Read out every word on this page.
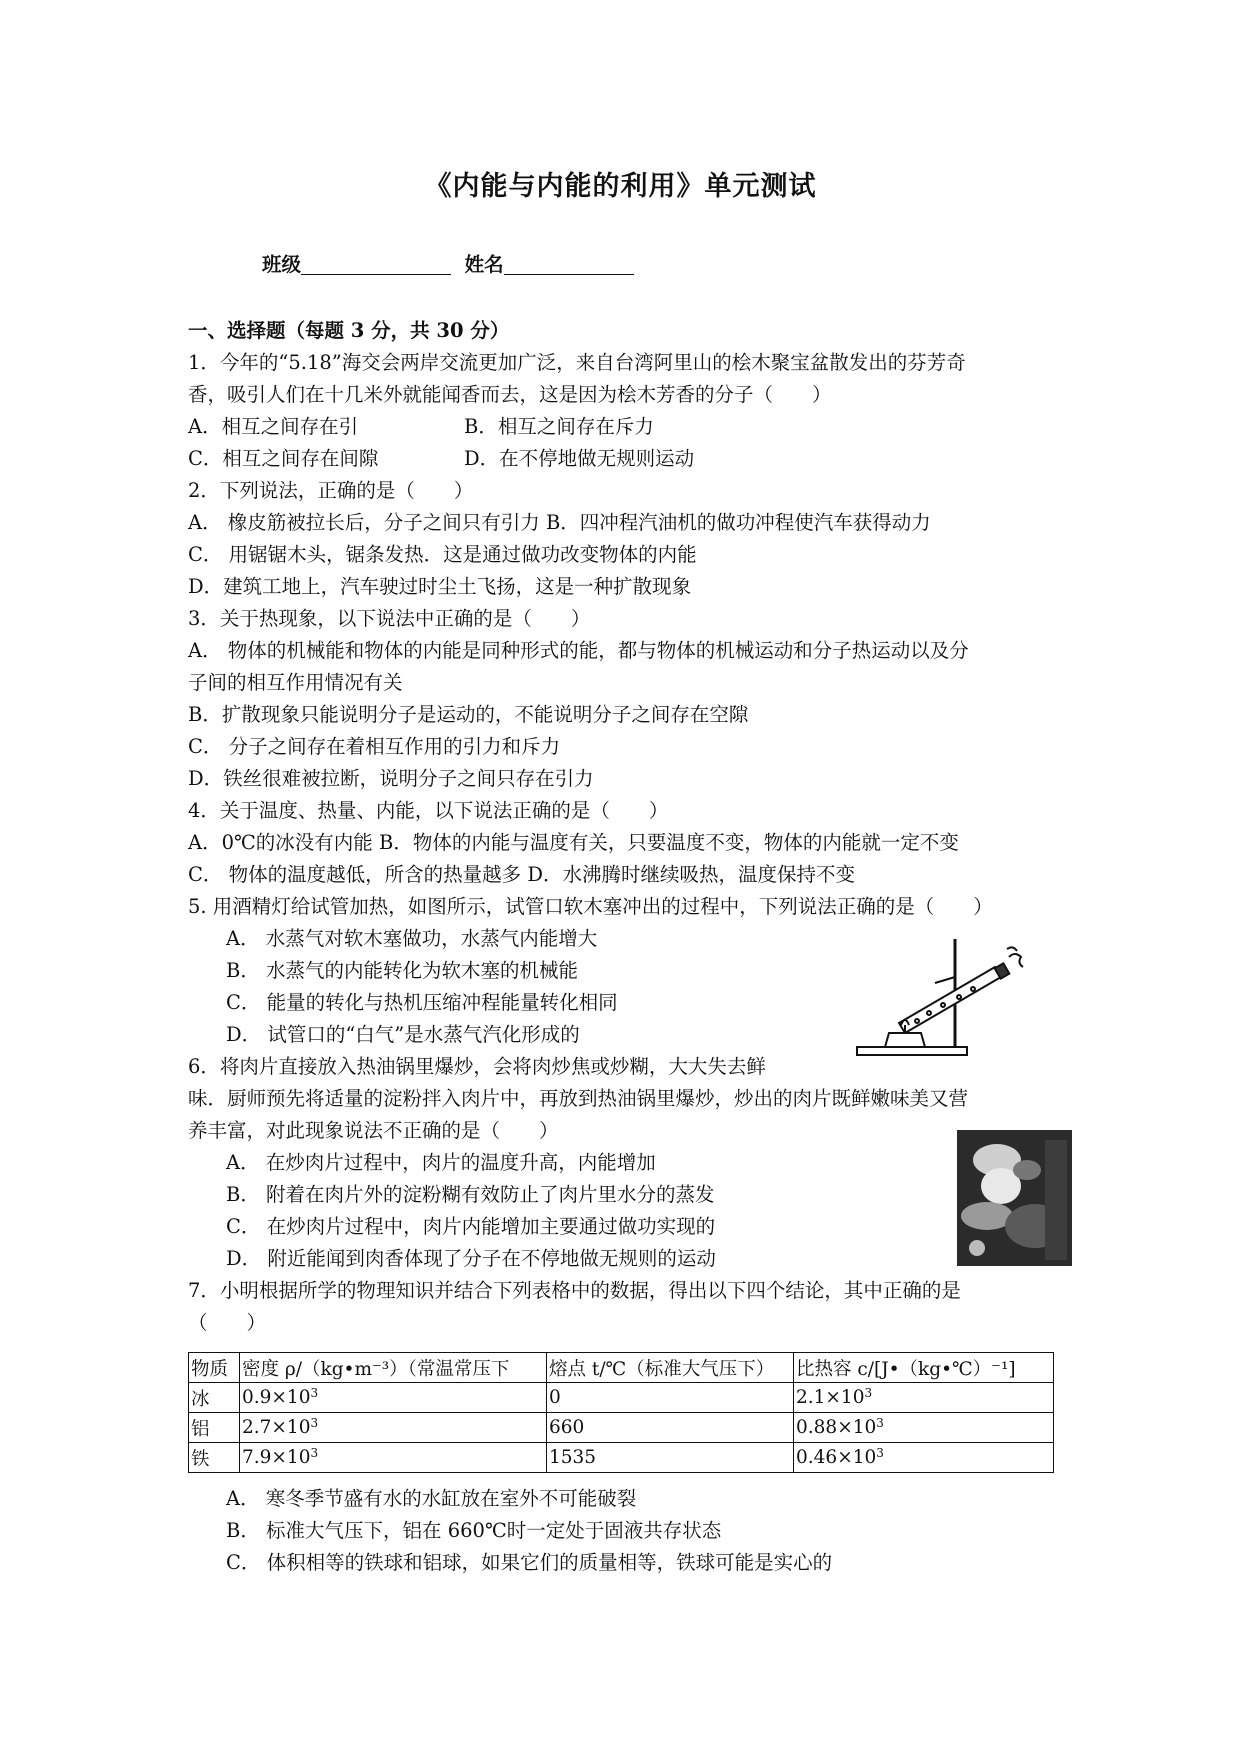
《内能与内能的利用》单元测试
班级	姓名
一、选择题（每题 3 分，共 30 分）
1．今年的“5.18”海交会两岸交流更加广泛，来自台湾阿里山的桧木聚宝盆散发出的芬芳奇
香，吸引人们在十几米外就能闻香而去，这是因为桧木芳香的分子（　　）
A．相互之间存在引	B．相互之间存在斥力
C．相互之间存在间隙	D．在不停地做无规则运动
2．下列说法，正确的是（　　）
A． 橡皮筋被拉长后，分子之间只有引力 B．四冲程汽油机的做功冲程使汽车获得动力
C． 用锯锯木头，锯条发热．这是通过做功改变物体的内能
D．建筑工地上，汽车驶过时尘土飞扬，这是一种扩散现象
3．关于热现象，以下说法中正确的是（　　）
A． 物体的机械能和物体的内能是同种形式的能，都与物体的机械运动和分子热运动以及分
子间的相互作用情况有关
B．扩散现象只能说明分子是运动的，不能说明分子之间存在空隙
C． 分子之间存在着相互作用的引力和斥力
D．铁丝很难被拉断，说明分子之间只存在引力
4．关于温度、热量、内能，以下说法正确的是（　　）
A．0℃的冰没有内能 B．物体的内能与温度有关，只要温度不变，物体的内能就一定不变
C． 物体的温度越低，所含的热量越多 D．水沸腾时继续吸热，温度保持不变
5. 用酒精灯给试管加热，如图所示，试管口软木塞冲出的过程中，下列说法正确的是（　　）
A． 水蒸气对软木塞做功，水蒸气内能增大
B． 水蒸气的内能转化为软木塞的机械能
C． 能量的转化与热机压缩冲程能量转化相同
D． 试管口的“白气”是水蒸气汽化形成的
6．将肉片直接放入热油锅里爆炒，会将肉炒焦或炒糊，大大失去鲜
味．厨师预先将适量的淀粉拌入肉片中，再放到热油锅里爆炒，炒出的肉片既鲜嫩味美又营
养丰富，对此现象说法不正确的是（　　）
A． 在炒肉片过程中，肉片的温度升高，内能增加
B． 附着在肉片外的淀粉糊有效防止了肉片里水分的蒸发
C． 在炒肉片过程中，肉片内能增加主要通过做功实现的
D． 附近能闻到肉香体现了分子在不停地做无规则的运动
7．小明根据所学的物理知识并结合下列表格中的数据，得出以下四个结论，其中正确的是
（　　）
物质	密度 ρ/（kg•m⁻³）（常温常压下	熔点 t/℃（标准大气压下）	比热容 c/[J•（kg•℃）⁻¹]
冰	$0.9\times 10^3$	0	$2.1\times 10^3$
铝	$2.7\times 10^3$	660	$0.88\times 10^3$
铁	$7.9\times 10^3$	1535	$0.46\times 10^3$
A． 寒冬季节盛有水的水缸放在室外不可能破裂
B． 标准大气压下，铝在 660℃时一定处于固液共存状态
C． 体积相等的铁球和铝球，如果它们的质量相等，铁球可能是实心的
